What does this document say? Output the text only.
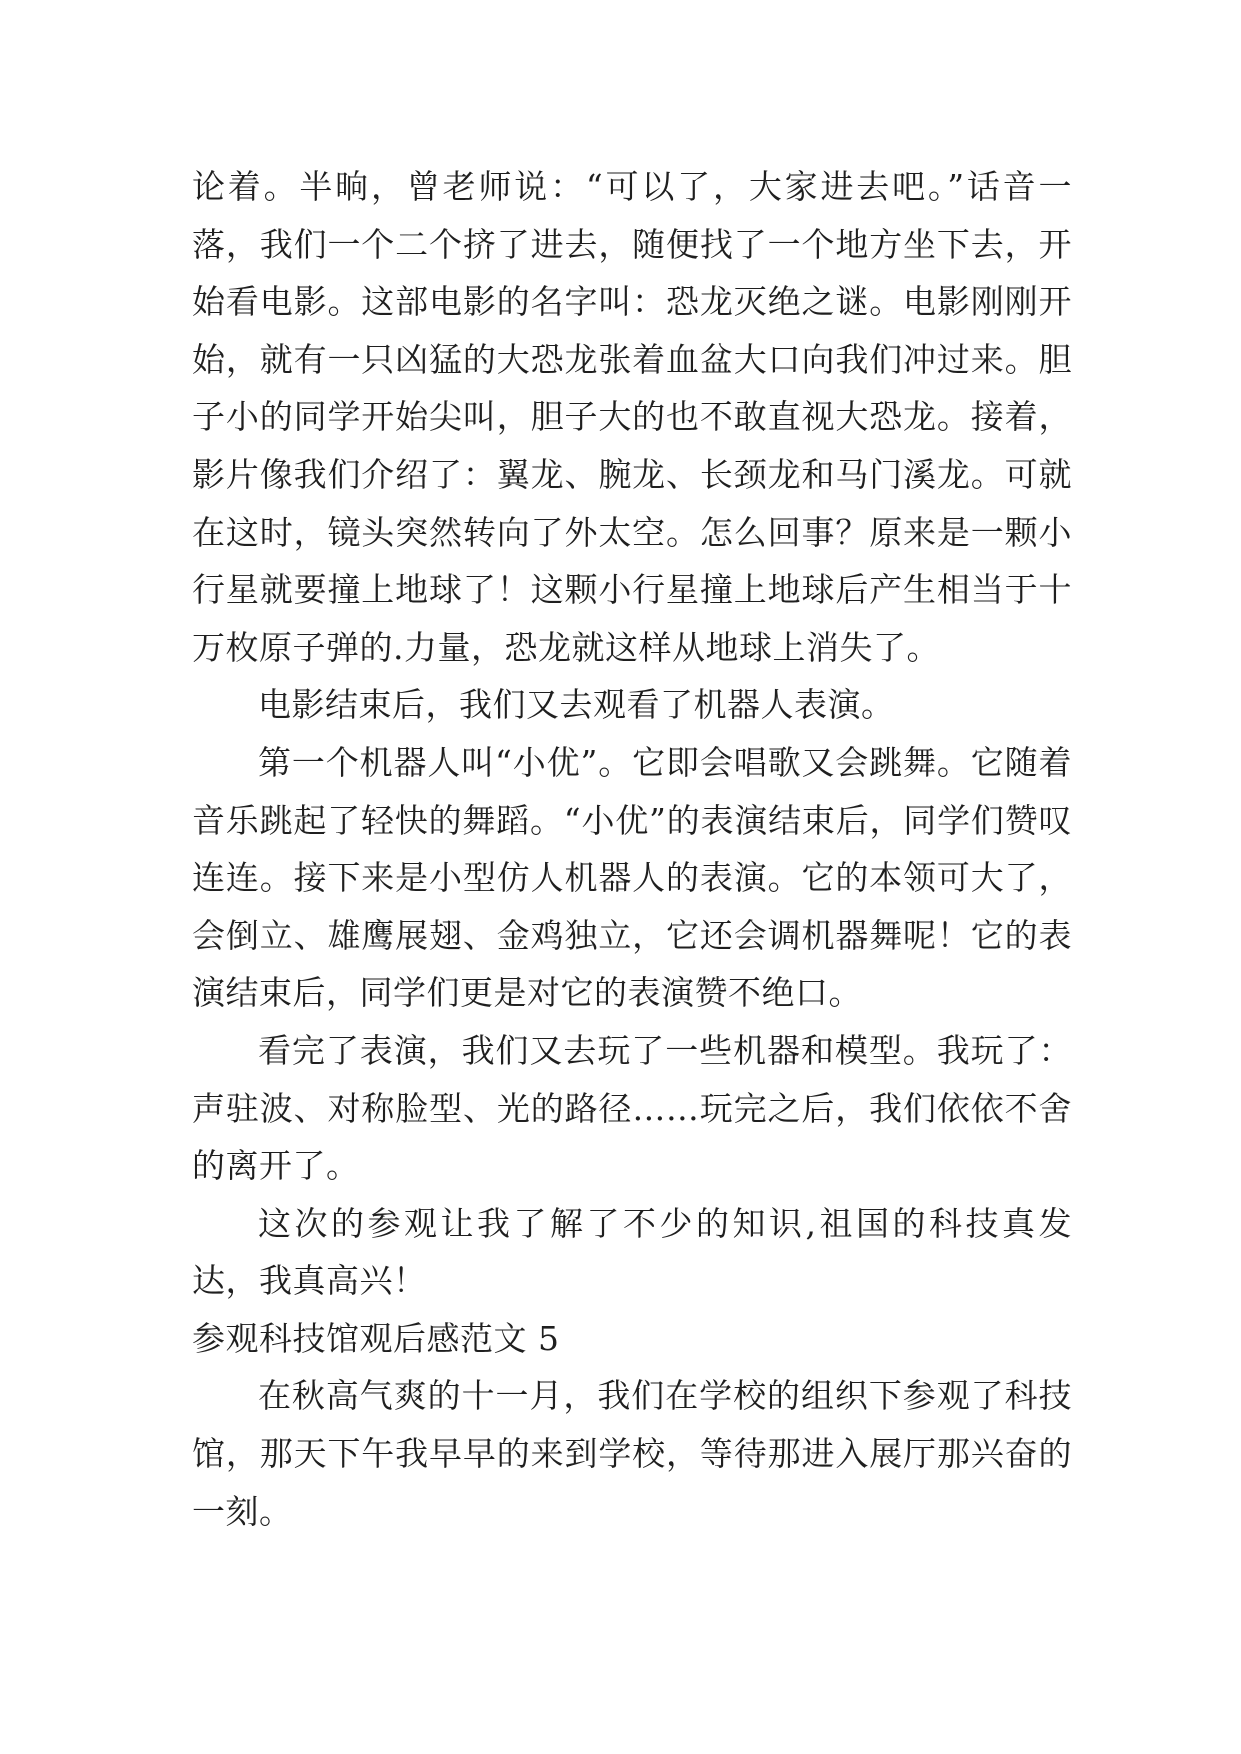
论着。半晌，曾老师说：“可以了，大家进去吧。”话音一落，我们一个二个挤了进去，随便找了一个地方坐下去，开始看电影。这部电影的名字叫：恐龙灭绝之谜。电影刚刚开始，就有一只凶猛的大恐龙张着血盆大口向我们冲过来。胆子小的同学开始尖叫，胆子大的也不敢直视大恐龙。接着，影片像我们介绍了：翼龙、腕龙、长颈龙和马门溪龙。可就在这时，镜头突然转向了外太空。怎么回事？原来是一颗小行星就要撞上地球了！这颗小行星撞上地球后产生相当于十万枚原子弹的.力量，恐龙就这样从地球上消失了。

电影结束后，我们又去观看了机器人表演。

第一个机器人叫“小优”。它即会唱歌又会跳舞。它随着音乐跳起了轻快的舞蹈。“小优”的表演结束后，同学们赞叹连连。接下来是小型仿人机器人的表演。它的本领可大了，会倒立、雄鹰展翅、金鸡独立，它还会调机器舞呢！它的表演结束后，同学们更是对它的表演赞不绝口。

看完了表演，我们又去玩了一些机器和模型。我玩了：声驻波、对称脸型、光的路径……玩完之后，我们依依不舍的离开了。

这次的参观让我了解了不少的知识,祖国的科技真发达，我真高兴！

参观科技馆观后感范文 5

在秋高气爽的十一月，我们在学校的组织下参观了科技馆，那天下午我早早的来到学校，等待那进入展厅那兴奋的一刻。
